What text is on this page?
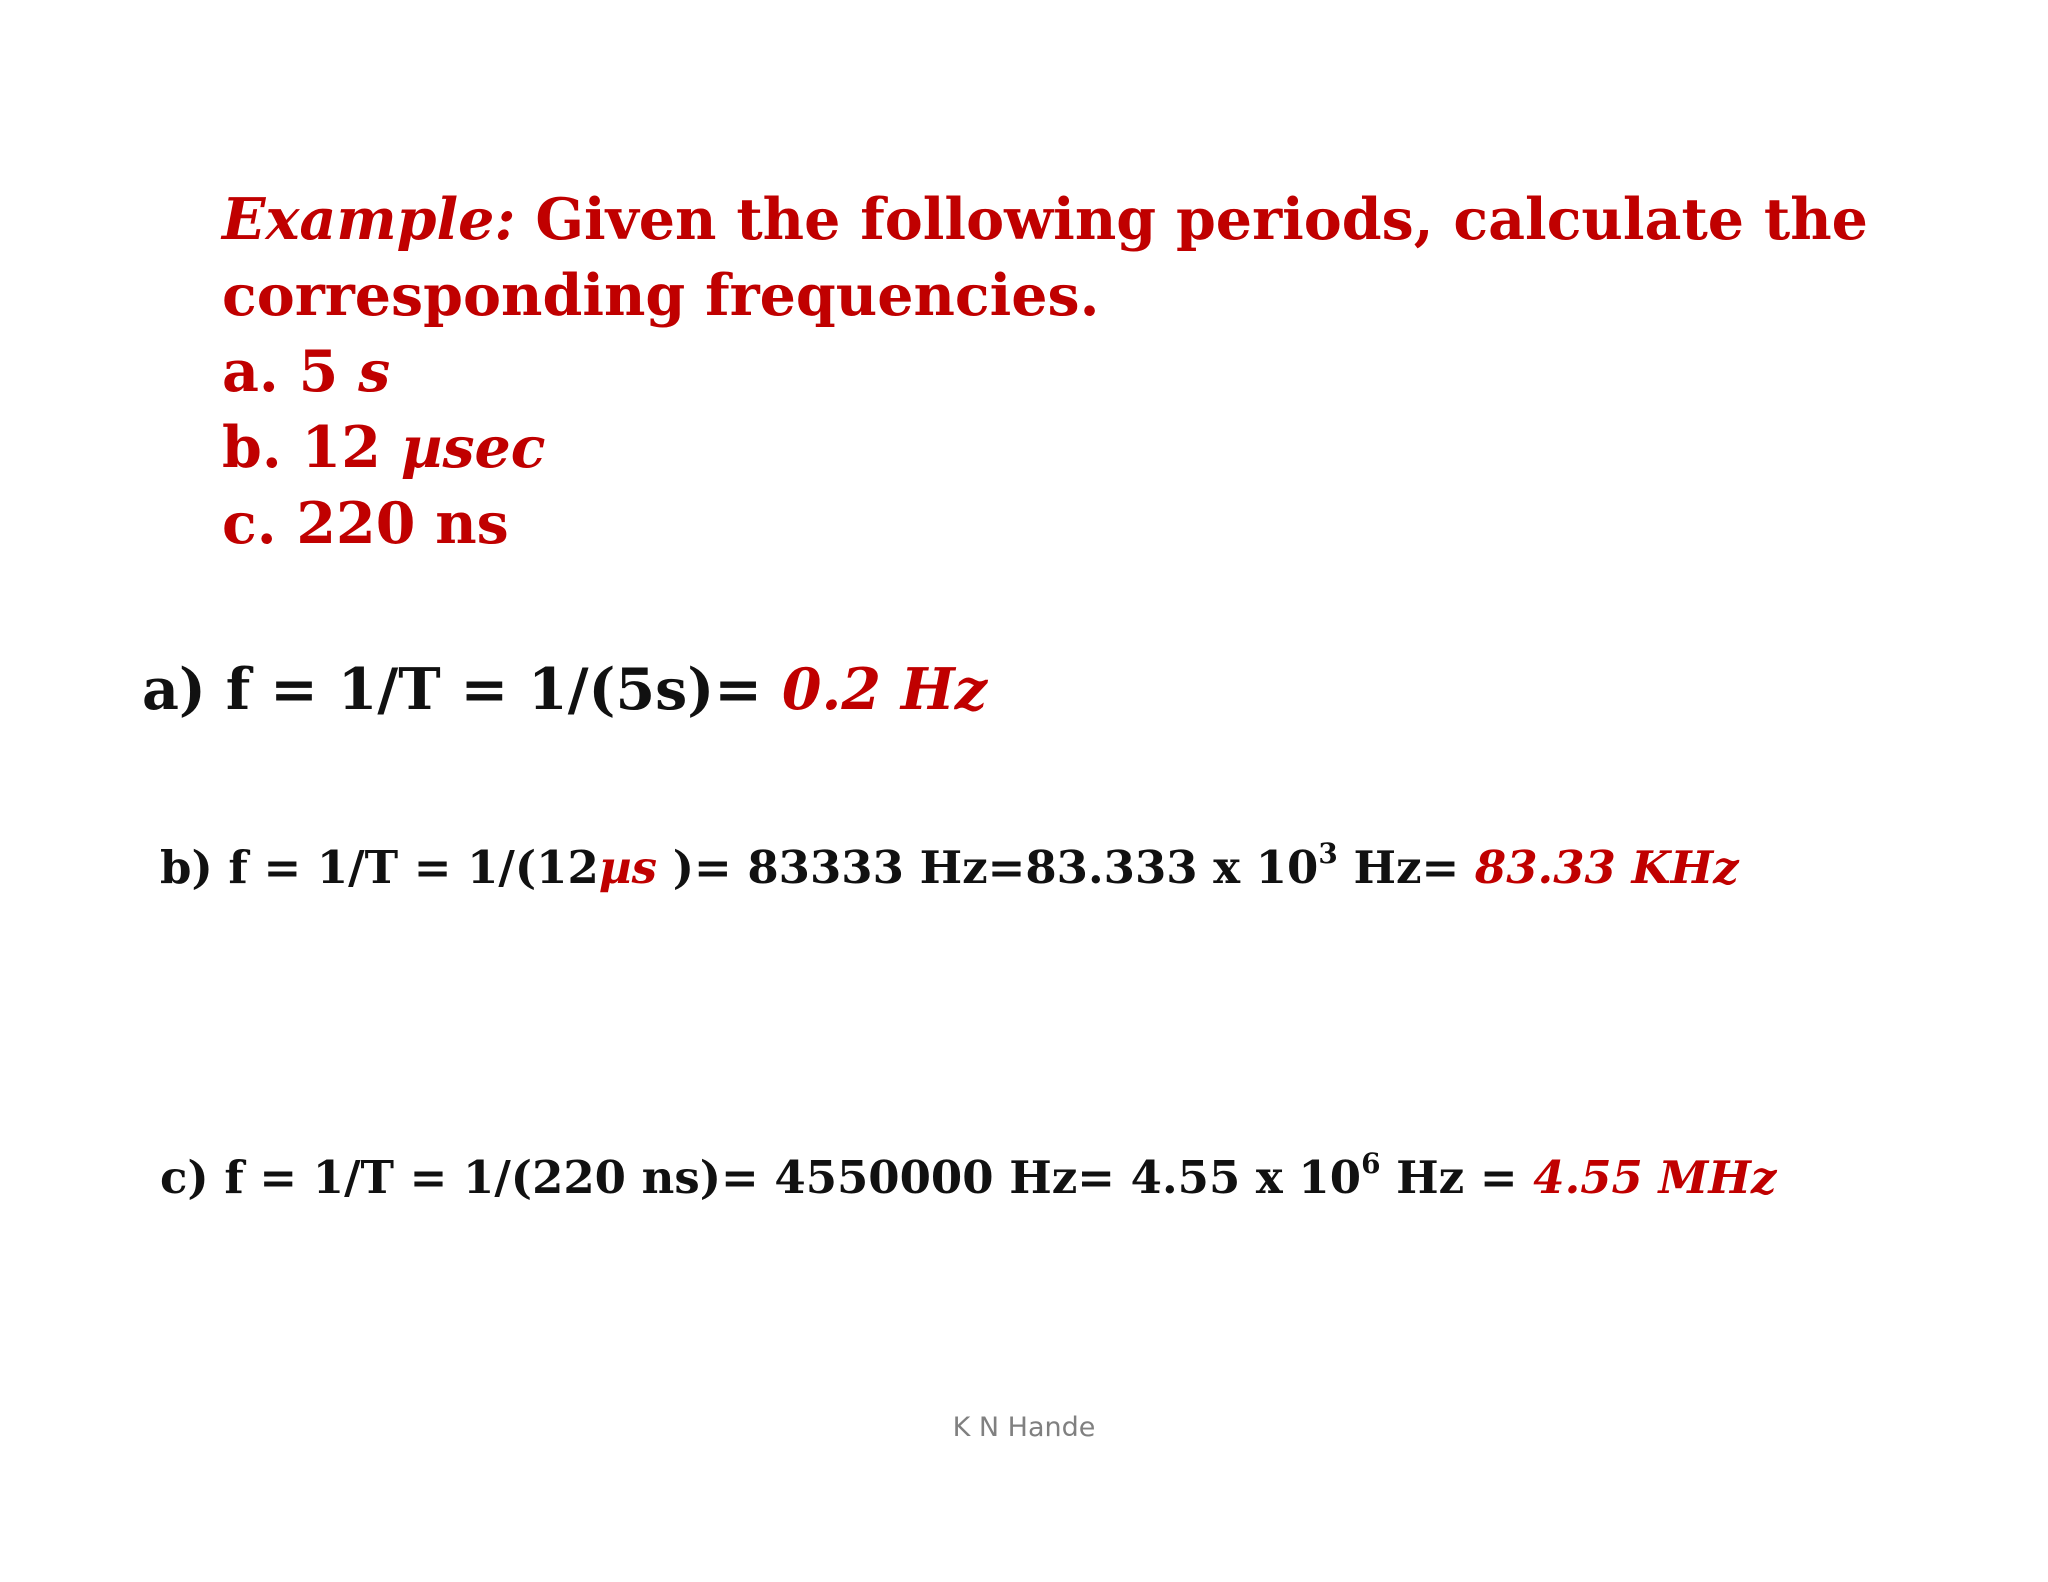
Example: Given the following periods, calculate the
corresponding frequencies.
a. 5 s
b. 12 µsec
c. 220 ns
a) f = 1/T = 1/(5s)= 0.2 Hz
b) f = 1/T = 1/(12µs )= 83333 Hz=83.333 x $10^3$ Hz= 83.33 KHz
c) f = 1/T = 1/(220 ns)= 4550000 Hz= 4.55 x $10^6$ Hz = 4.55 MHz
K N Hande
